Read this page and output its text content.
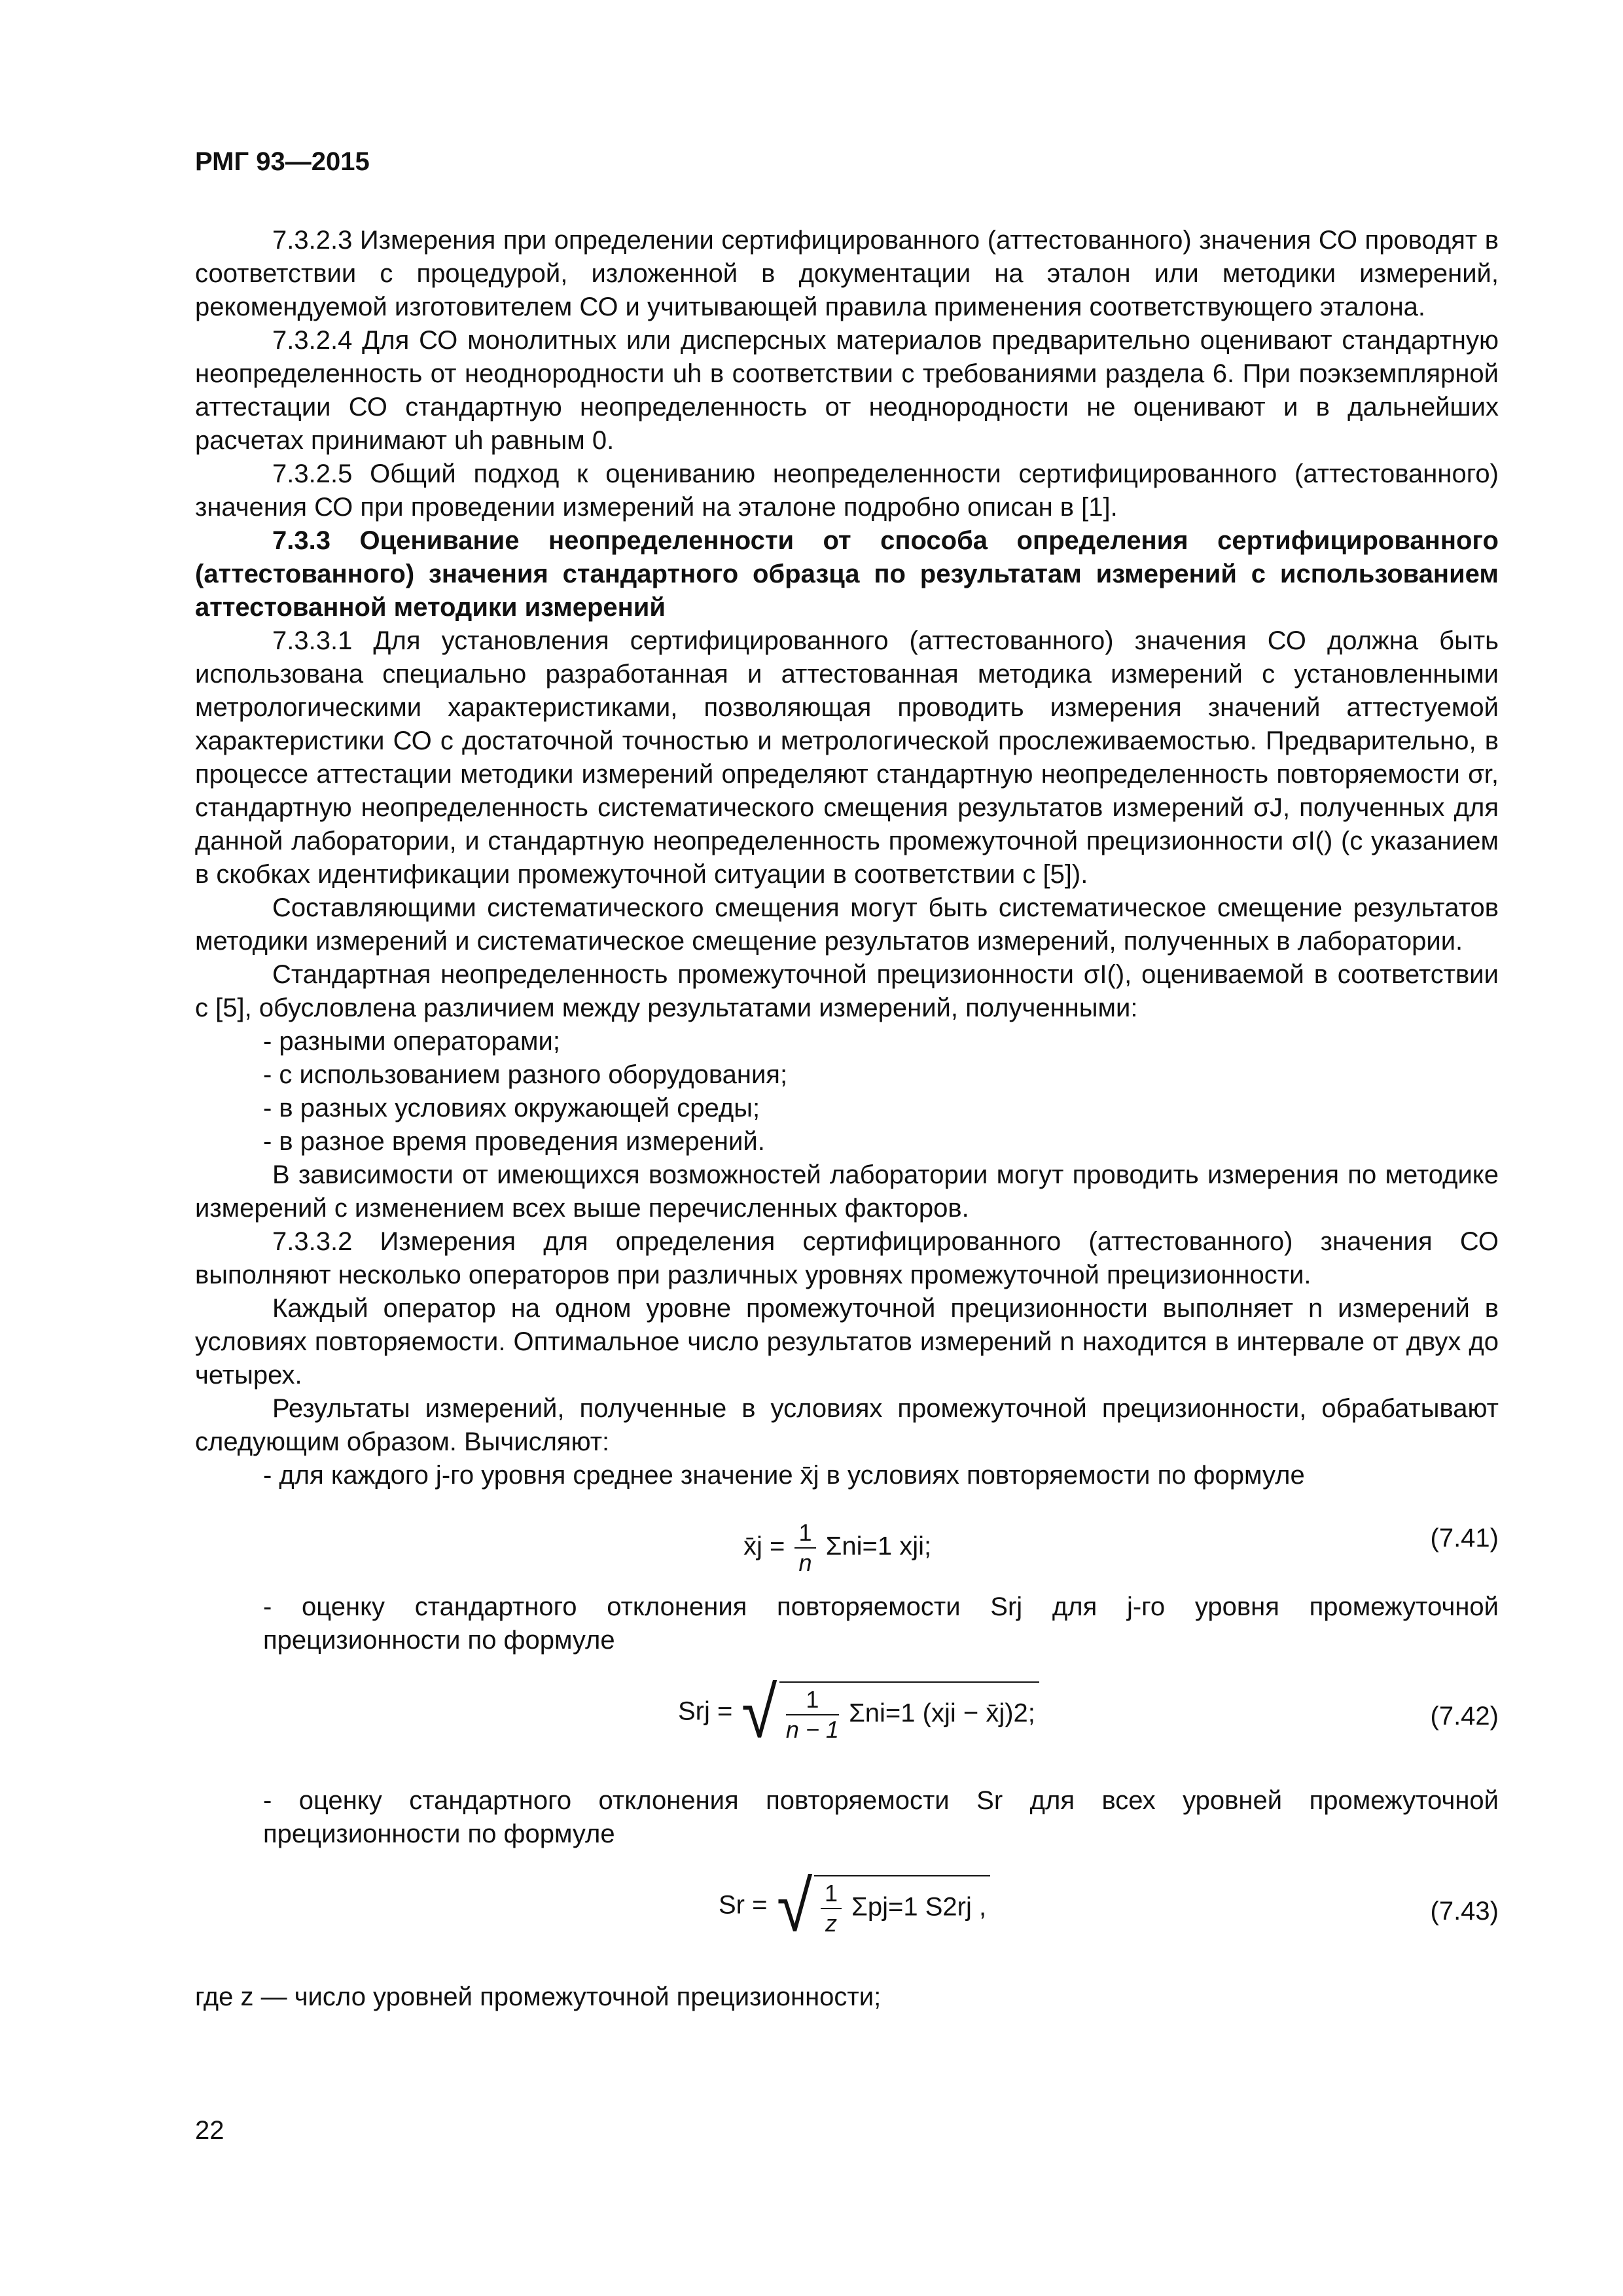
РМГ 93—2015

7.3.2.3 Измерения при определении сертифицированного (аттестованного) значения СО проводят в соответствии с процедурой, изложенной в документации на эталон или методики измерений, рекомендуемой изготовителем СО и учитывающей правила применения соответствующего эталона.

7.3.2.4 Для СО монолитных или дисперсных материалов предварительно оценивают стандартную неопределенность от неоднородности uh в соответствии с требованиями раздела 6. При поэкземплярной аттестации СО стандартную неопределенность от неоднородности не оценивают и в дальнейших расчетах принимают uh равным 0.

7.3.2.5 Общий подход к оцениванию неопределенности сертифицированного (аттестованного) значения СО при проведении измерений на эталоне подробно описан в [1].

7.3.3 Оценивание неопределенности от способа определения сертифицированного (аттестованного) значения стандартного образца по результатам измерений с использованием аттестованной методики измерений

7.3.3.1 Для установления сертифицированного (аттестованного) значения СО должна быть использована специально разработанная и аттестованная методика измерений с установленными метрологическими характеристиками, позволяющая проводить измерения значений аттестуемой характеристики СО с достаточной точностью и метрологической прослеживаемостью. Предварительно, в процессе аттестации методики измерений определяют стандартную неопределенность повторяемости σr, стандартную неопределенность систематического смещения результатов измерений σJ, полученных для данной лаборатории, и стандартную неопределенность промежуточной прецизионности σI() (с указанием в скобках идентификации промежуточной ситуации в соответствии с [5]).

Составляющими систематического смещения могут быть систематическое смещение результатов методики измерений и систематическое смещение результатов измерений, полученных в лаборатории.

Стандартная неопределенность промежуточной прецизионности σI(), оцениваемой в соответствии с [5], обусловлена различием между результатами измерений, полученными:

- разными операторами;

- с использованием разного оборудования;

- в разных условиях окружающей среды;

- в разное время проведения измерений.

В зависимости от имеющихся возможностей лаборатории могут проводить измерения по методике измерений с изменением всех выше перечисленных факторов.

7.3.3.2 Измерения для определения сертифицированного (аттестованного) значения СО выполняют несколько операторов при различных уровнях промежуточной прецизионности.

Каждый оператор на одном уровне промежуточной прецизионности выполняет n измерений в условиях повторяемости. Оптимальное число результатов измерений n находится в интервале от двух до четырех.

Результаты измерений, полученные в условиях промежуточной прецизионности, обрабатывают следующим образом. Вычисляют:

- для каждого j-го уровня среднее значение x̄j в условиях повторяемости по формуле

x̄j = $\frac{1}{n} \Sigma ni=1$ xji;	(7.41)

- оценку стандартного отклонения повторяемости Srj для j-го уровня промежуточной прецизионности по формуле

Srj = √ $\frac{1}{n - 1} \Sigma ni=1$ (xji − x̄j)2;	(7.42)

- оценку стандартного отклонения повторяемости Sr для всех уровней промежуточной прецизионности по формуле

Sr = √ $\frac{1}{z} \Sigma pj=1$ S2rj ,	(7.43)

где z — число уровней промежуточной прецизионности;

22
